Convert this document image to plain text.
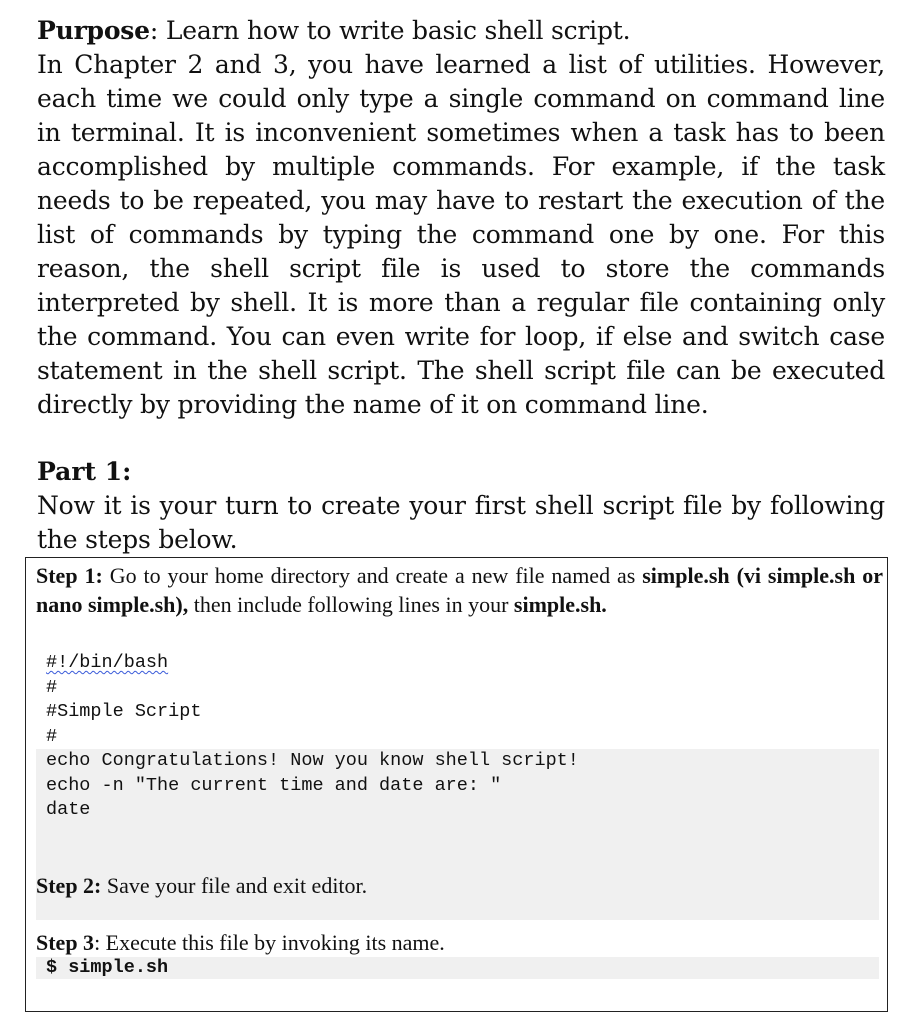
Purpose: Learn how to write basic shell script.
In Chapter 2 and 3, you have learned a list of utilities. However, each time we could only type a single command on command line in terminal. It is inconvenient sometimes when a task has to been accomplished by multiple commands. For example, if the task needs to be repeated, you may have to restart the execution of the list of commands by typing the command one by one. For this reason, the shell script file is used to store the commands interpreted by shell. It is more than a regular file containing only the command. You can even write for loop, if else and switch case statement in the shell script. The shell script file can be executed directly by providing the name of it on command line.

Part 1:

Now it is your turn to create your first shell script file by following the steps below.

Step 1: Go to your home directory and create a new file named as simple.sh (vi simple.sh or nano simple.sh), then include following lines in your simple.sh.

#!/bin/bash
#
#Simple Script
#
echo Congratulations! Now you know shell script!
echo -n "The current time and date are: "
date

Step 2: Save your file and exit editor.

Step 3: Execute this file by invoking its name.

$ simple.sh
